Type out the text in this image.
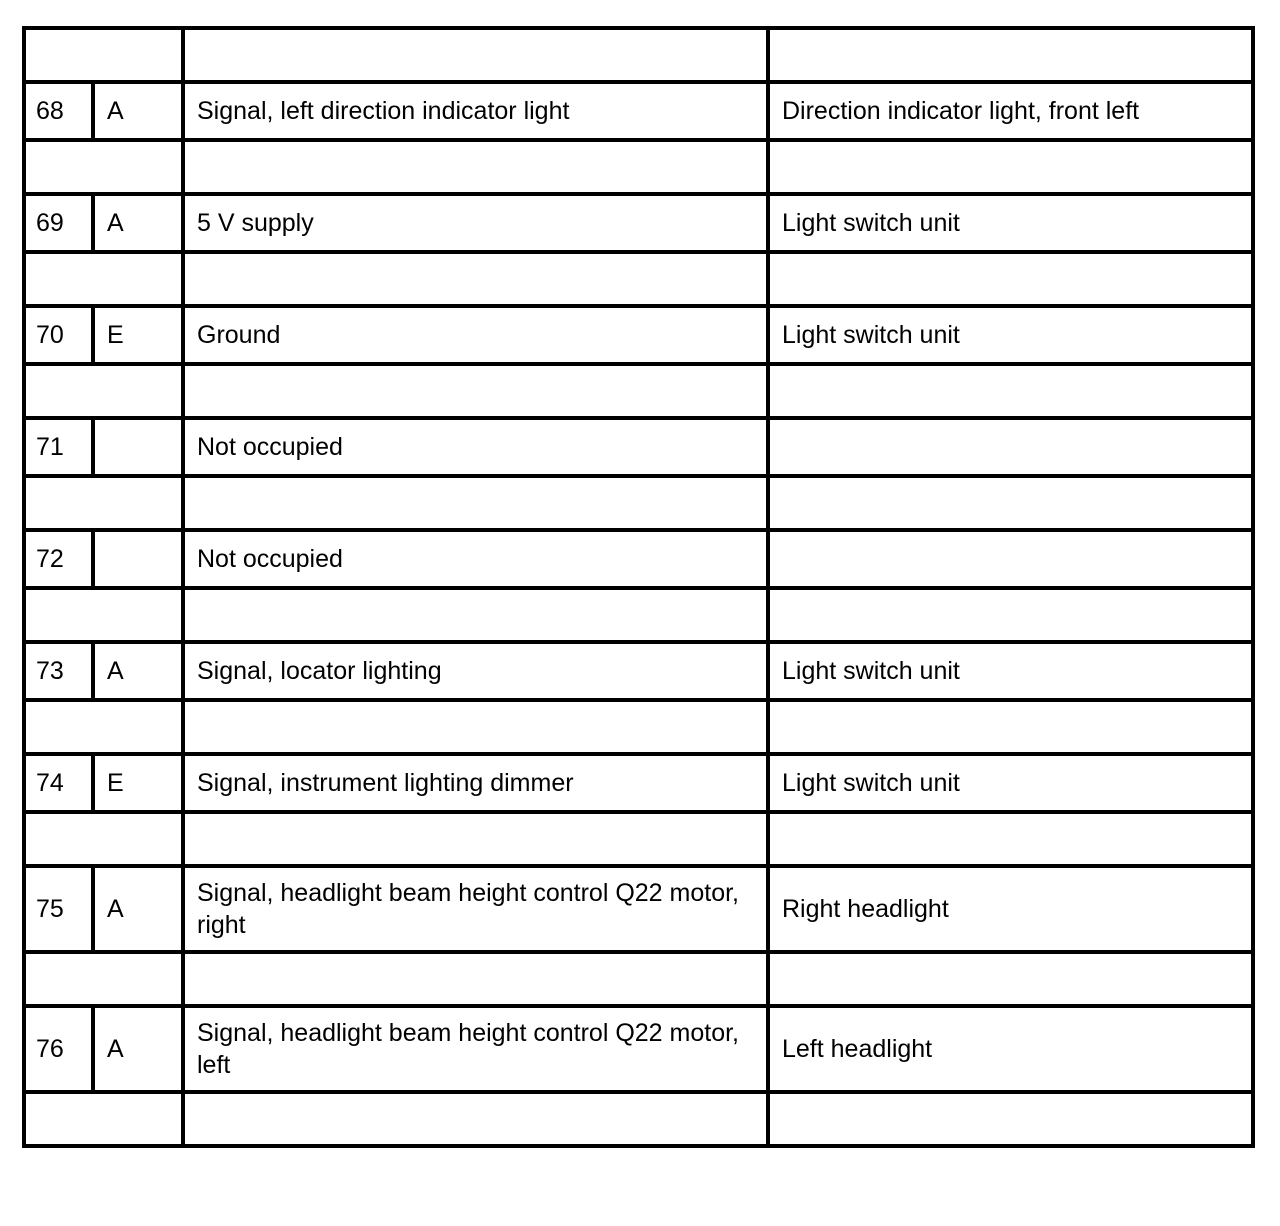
68	A	Signal, left direction indicator light	Direction indicator light, front left

69	A	5 V supply	Light switch unit

70	E	Ground	Light switch unit

71		Not occupied	

72		Not occupied	

73	A	Signal, locator lighting	Light switch unit

74	E	Signal, instrument lighting dimmer	Light switch unit

75	A	Signal, headlight beam height control Q22 motor, right	Right headlight

76	A	Signal, headlight beam height control Q22 motor, left	Left headlight
